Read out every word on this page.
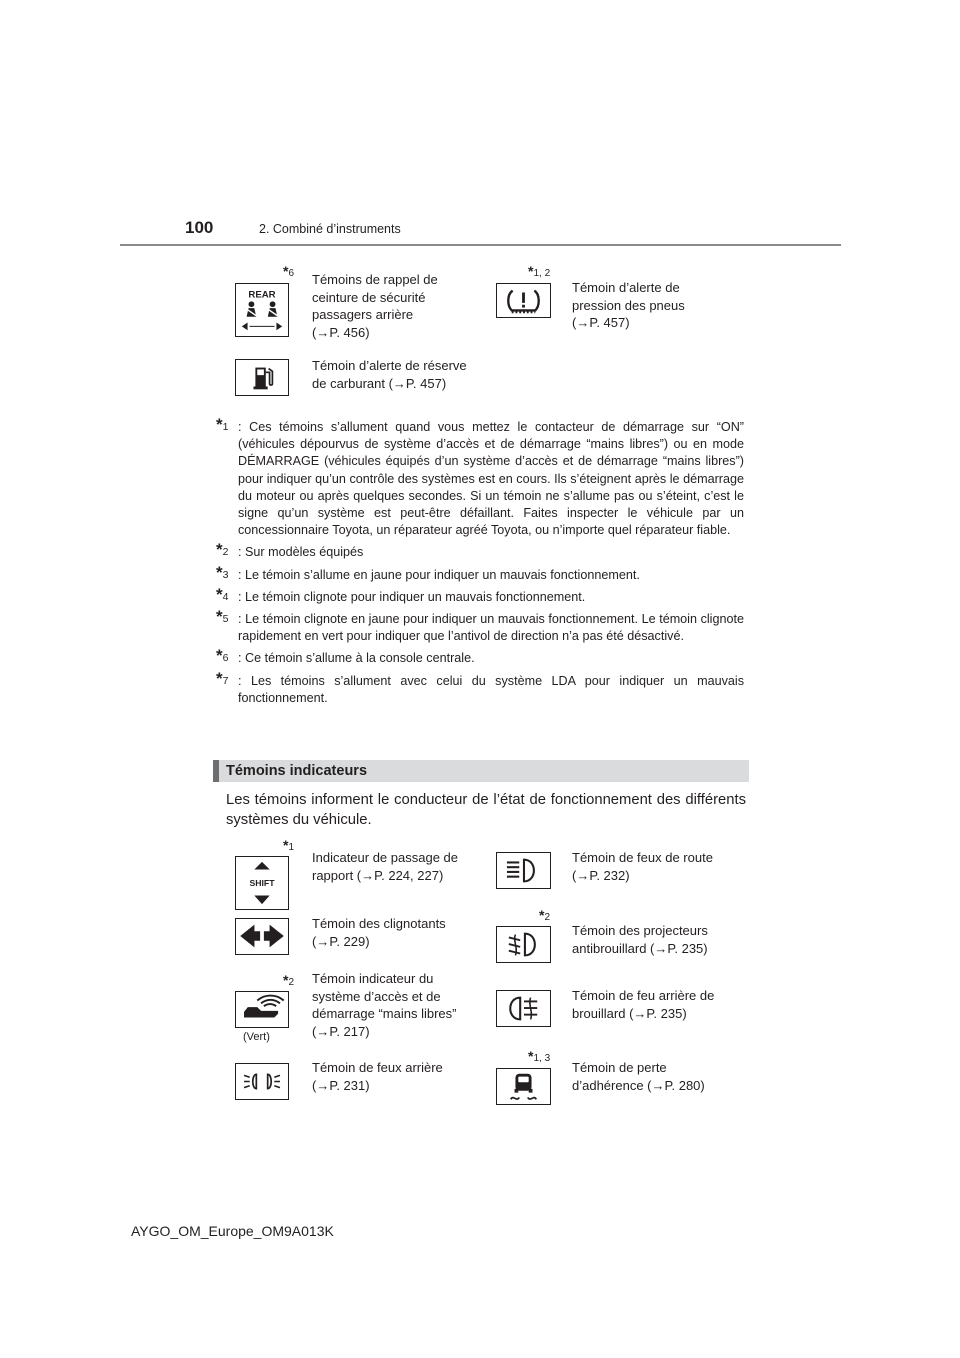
100	2. Combiné d’instruments
*6
REAR
Témoins de rappel de
ceinture de sécurité
passagers arrière
(→P. 456)
*1, 2
Témoin d’alerte de
pression des pneus
(→P. 457)
Témoin d’alerte de réserve
de carburant (→P. 457)
*1 : Ces témoins s’allument quand vous mettez le contacteur de démarrage sur “ON” (véhicules dépourvus de système d’accès et de démarrage “mains libres”) ou en mode DÉMARRAGE (véhicules équipés d’un système d’accès et de démarrage “mains libres”) pour indiquer qu’un contrôle des systèmes est en cours. Ils s’éteignent après le démarrage du moteur ou après quelques secondes. Si un témoin ne s’allume pas ou s’éteint, c’est le signe qu’un système est peut-être défaillant. Faites inspecter le véhicule par un concessionnaire Toyota, un réparateur agréé Toyota, ou n’importe quel réparateur fiable.
*2 : Sur modèles équipés
*3 : Le témoin s’allume en jaune pour indiquer un mauvais fonctionnement.
*4 : Le témoin clignote pour indiquer un mauvais fonctionnement.
*5 : Le témoin clignote en jaune pour indiquer un mauvais fonctionnement. Le témoin clignote rapidement en vert pour indiquer que l’antivol de direction n’a pas été désactivé.
*6 : Ce témoin s’allume à la console centrale.
*7 : Les témoins s’allument avec celui du système LDA pour indiquer un mauvais fonctionnement.
Témoins indicateurs
Les témoins informent le conducteur de l’état de fonctionnement des différents systèmes du véhicule.
*1
SHIFT
Indicateur de passage de
rapport (→P. 224, 227)
Témoin de feux de route
(→P. 232)
Témoin des clignotants
(→P. 229)
*2
Témoin des projecteurs
antibrouillard (→P. 235)
*2
(Vert)
Témoin indicateur du
système d’accès et de
démarrage “mains libres”
(→P. 217)
Témoin de feu arrière de
brouillard (→P. 235)
Témoin de feux arrière
(→P. 231)
*1, 3
Témoin de perte
d’adhérence (→P. 280)
AYGO_OM_Europe_OM9A013K
